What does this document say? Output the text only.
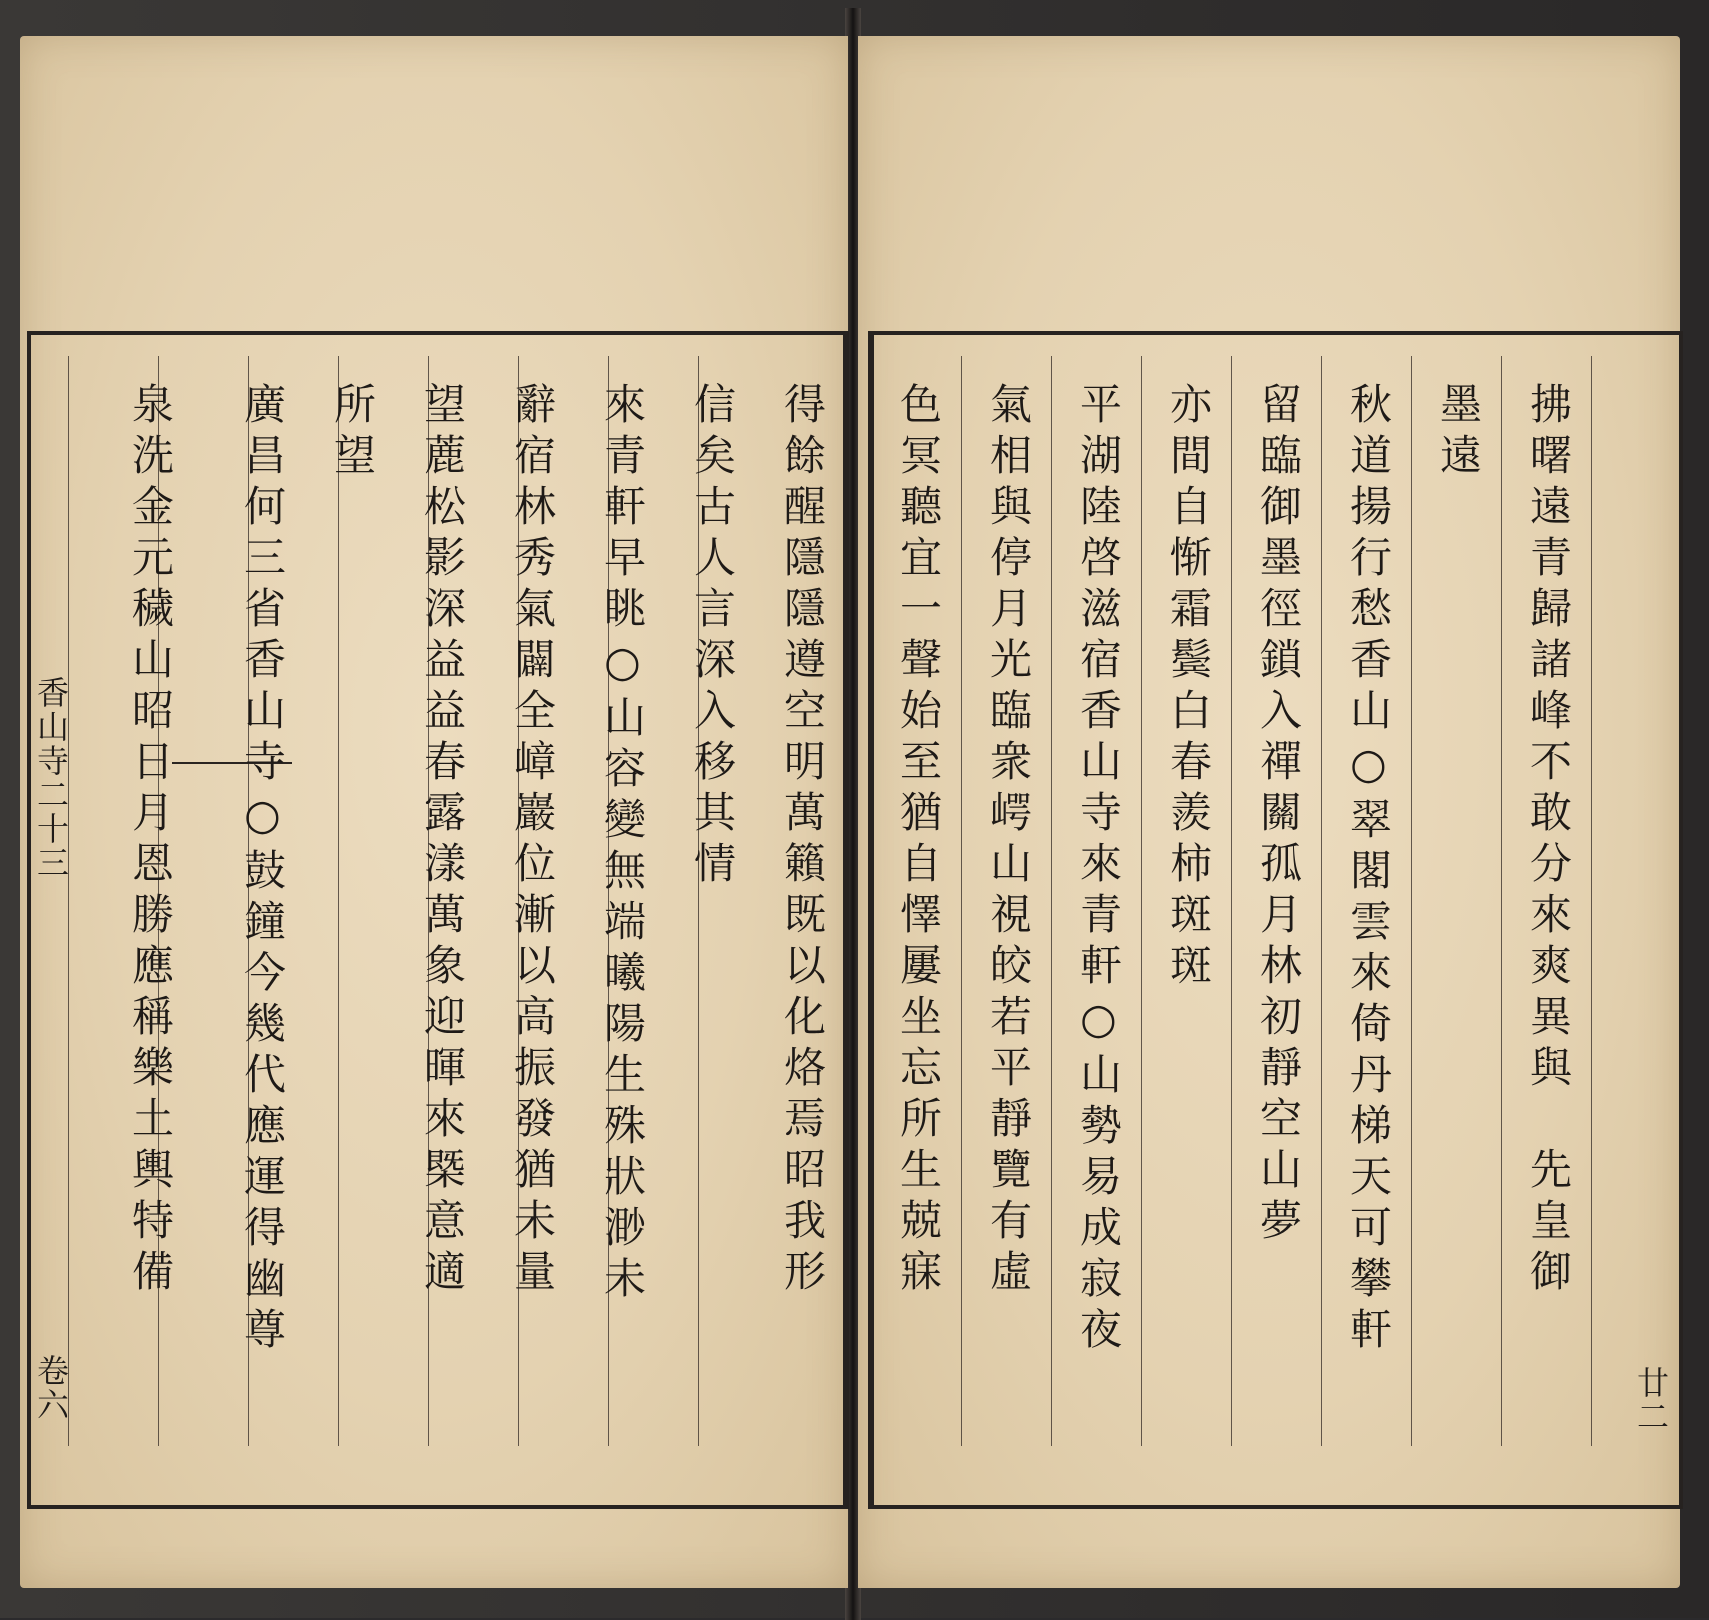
香山寺二十三
卷六
得餘醒隱隱遵空明萬籟既以化烙焉昭我形
信矣古人言深入移其情
來青軒早眺○山容變無端曦陽生殊狀渺未
辭宿林秀氣闢全嶂巖位漸以高振發猶未量
望蔍松影深益益春露漾萬象迎暉來槩意適
所望
廣昌何三省香山寺○鼓鐘今幾代應運得幽尊
泉洗金元穢山昭日月恩勝應稱樂土輿特備	拂曙遠青歸諸峰不敢分來爽異與　先皇御
墨遠
秋道揚行愁香山○翠閣雲來倚丹梯天可攀軒
留臨御墨徑鎖入禪關孤月林初靜空山夢
亦間自惭霜鬓白春羨柿斑斑
平湖陸啓滋宿香山寺來青軒○山勢易成寂夜
氣相與停月光臨衆崿山視皎若平靜覽有虛
色冥聽宜一聲始至猶自懌屢坐忘所生兢寐
廿二
